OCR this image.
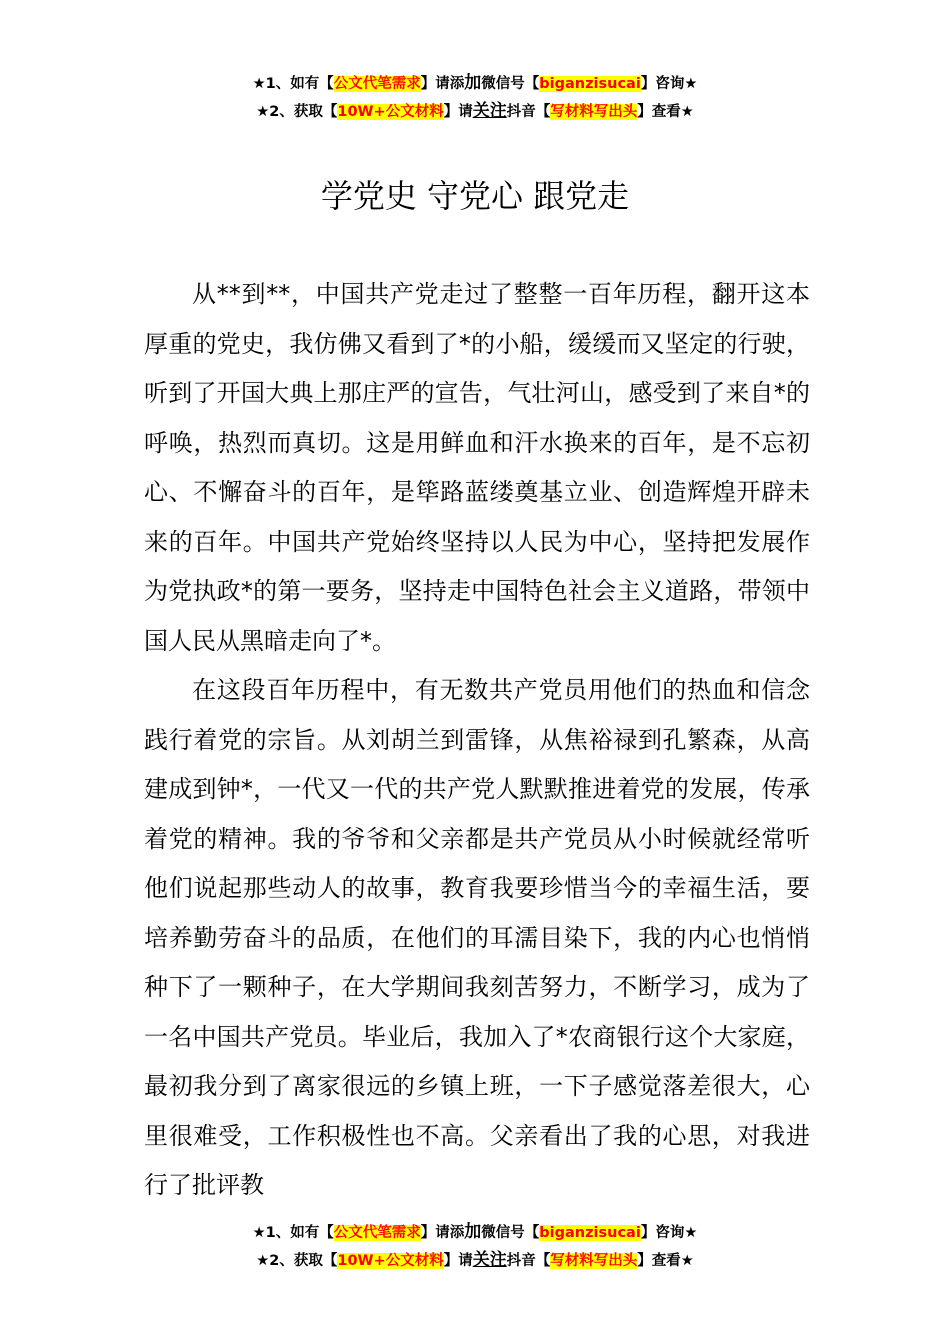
★1、如有【公文代笔需求】请添加微信号【biganzisucai】咨询★
★2、获取【10W+公文材料】请关注抖音【写材料写出头】查看★
学党史 守党心 跟党走

从**到**，中国共产党走过了整整一百年历程，翻开这本厚重的党史，我仿佛又看到了*的小船，缓缓而又坚定的行驶，听到了开国大典上那庄严的宣告，气壮河山，感受到了来自*的呼唤，热烈而真切。这是用鲜血和汗水换来的百年，是不忘初心、不懈奋斗的百年，是筚路蓝缕奠基立业、创造辉煌开辟未来的百年。中国共产党始终坚持以人民为中心，坚持把发展作为党执政*的第一要务，坚持走中国特色社会主义道路，带领中国人民从黑暗走向了*。

在这段百年历程中，有无数共产党员用他们的热血和信念践行着党的宗旨。从刘胡兰到雷锋，从焦裕禄到孔繁森，从高建成到钟*，一代又一代的共产党人默默推进着党的发展，传承着党的精神。我的爷爷和父亲都是共产党员从小时候就经常听他们说起那些动人的故事，教育我要珍惜当今的幸福生活，要培养勤劳奋斗的品质，在他们的耳濡目染下，我的内心也悄悄种下了一颗种子，在大学期间我刻苦努力，不断学习，成为了一名中国共产党员。毕业后，我加入了*农商银行这个大家庭，最初我分到了离家很远的乡镇上班，一下子感觉落差很大，心里很难受，工作积极性也不高。父亲看出了我的心思，对我进行了批评教

★1、如有【公文代笔需求】请添加微信号【biganzisucai】咨询★
★2、获取【10W+公文材料】请关注抖音【写材料写出头】查看★
